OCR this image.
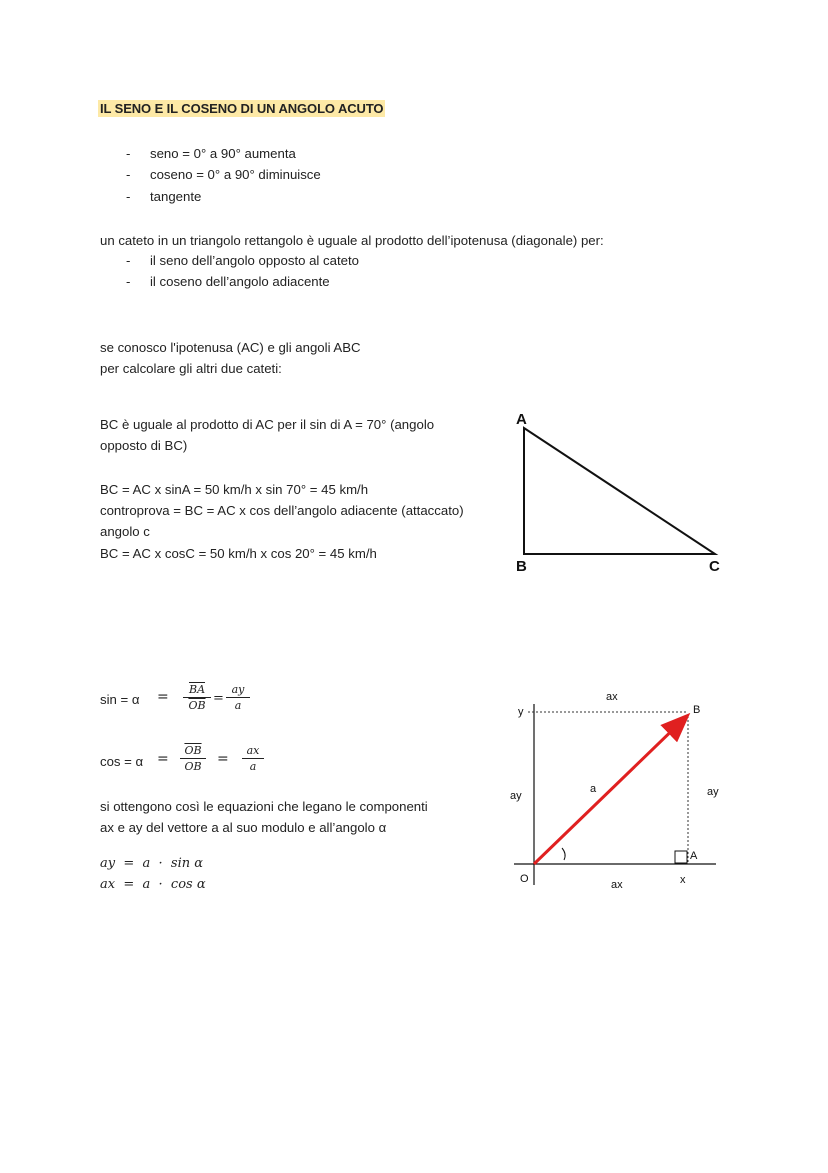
IL SENO E IL COSENO DI UN ANGOLO ACUTO
- seno = 0° a 90° aumenta
- coseno = 0° a 90° diminuisce
- tangente
un cateto in un triangolo rettangolo è uguale al prodotto dell’ipotenusa (diagonale) per:
- il seno dell’angolo opposto al cateto
- il coseno dell’angolo adiacente
se conosco l'ipotenusa (AC) e gli angoli ABC
per calcolare gli altri due cateti:
BC è uguale al prodotto di AC per il sin di A = 70° (angolo
opposto di BC)
BC = AC x sinA = 50 km/h x sin 70° = 45 km/h
controprova = BC = AC x cos dell’angolo adiacente (attaccato)
angolo c
BC = AC x cosC = 50 km/h x cos 20° = 45 km/h
A
B	C
$\sin = \alpha = \frac{\overline{BA}}{OB} = \frac{ay}{a}$
$\cos = \alpha = \frac{\overline{OB}}{OB} = \frac{ax}{a}$
si ottengono così le equazioni che legano le componenti
ax e ay del vettore a al suo modulo e all’angolo α
ay  =  a  ·  sin α
ax  =  a  ·  cos α
ax
y	B
ay
a	ay
A
O	x
ax
